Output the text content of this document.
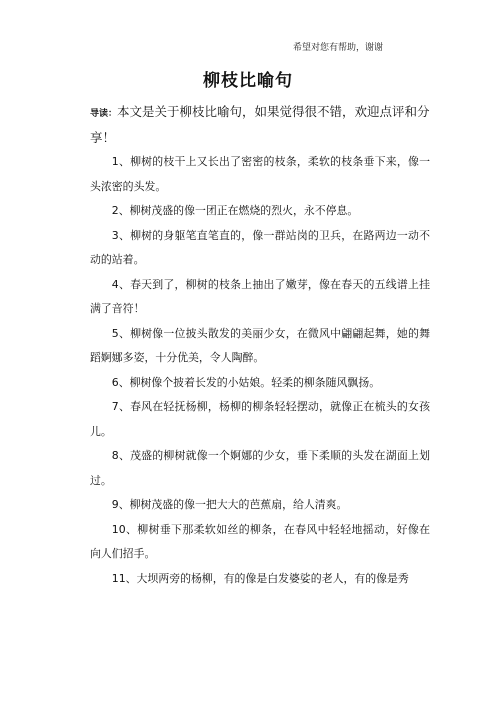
希望对您有帮助，谢谢
柳枝比喻句
导读：本文是关于柳枝比喻句，如果觉得很不错，欢迎点评和分享！

1、柳树的枝干上又长出了密密的枝条，柔软的枝条垂下来，像一头浓密的头发。

2、柳树茂盛的像一团正在燃烧的烈火，永不停息。

3、柳树的身躯笔直笔直的，像一群站岗的卫兵，在路两边一动不动的站着。

4、春天到了，柳树的枝条上抽出了嫩芽，像在春天的五线谱上挂满了音符！

5、柳树像一位披头散发的美丽少女，在微风中翩翩起舞，她的舞蹈婀娜多姿，十分优美，令人陶醉。

6、柳树像个披着长发的小姑娘。轻柔的柳条随风飘扬。

7、春风在轻抚杨柳，杨柳的柳条轻轻摆动，就像正在梳头的女孩儿。

8、茂盛的柳树就像一个婀娜的少女，垂下柔顺的头发在湖面上划过。

9、柳树茂盛的像一把大大的芭蕉扇，给人清爽。

10、柳树垂下那柔软如丝的柳条，在春风中轻轻地摇动，好像在向人们招手。

11、大坝两旁的杨柳，有的像是白发婆娑的老人，有的像是秀
